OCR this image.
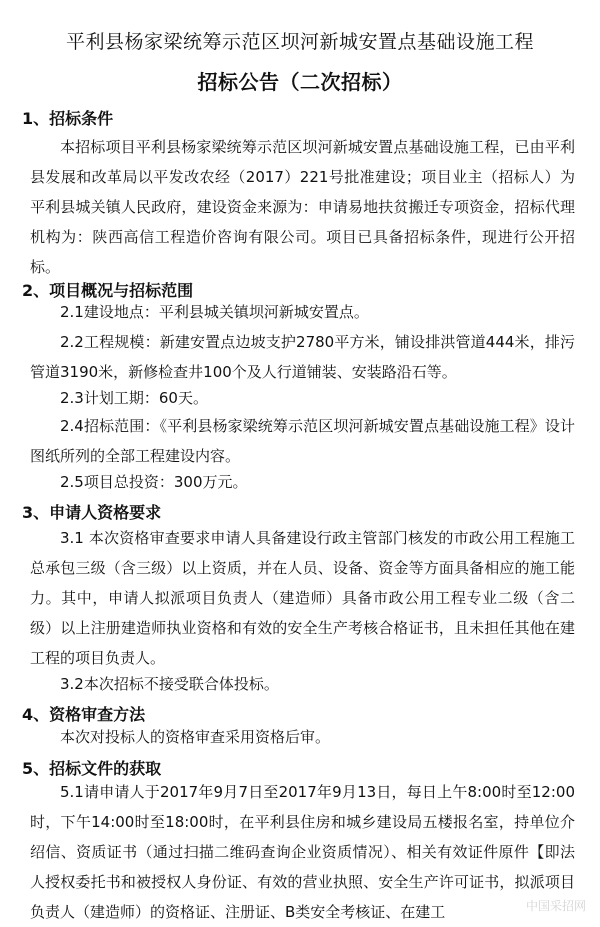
平利县杨家梁统筹示范区坝河新城安置点基础设施工程
招标公告（二次招标）
1、招标条件
本招标项目平利县杨家梁统筹示范区坝河新城安置点基础设施工程，已由平利县发展和改革局以平发改农经（2017）221号批准建设；项目业主（招标人）为平利县城关镇人民政府，建设资金来源为：申请易地扶贫搬迁专项资金，招标代理机构为：陕西高信工程造价咨询有限公司。项目已具备招标条件，现进行公开招标。
2、项目概况与招标范围
2.1建设地点：平利县城关镇坝河新城安置点。
2.2工程规模：新建安置点边坡支护2780平方米，铺设排洪管道444米，排污管道3190米，新修检查井100个及人行道铺装、安装路沿石等。
2.3计划工期：60天。
2.4招标范围：《平利县杨家梁统筹示范区坝河新城安置点基础设施工程》设计图纸所列的全部工程建设内容。
2.5项目总投资：300万元。
3、申请人资格要求
3.1 本次资格审查要求申请人具备建设行政主管部门核发的市政公用工程施工总承包三级（含三级）以上资质，并在人员、设备、资金等方面具备相应的施工能力。其中，申请人拟派项目负责人（建造师）具备市政公用工程专业二级（含二级）以上注册建造师执业资格和有效的安全生产考核合格证书，且未担任其他在建工程的项目负责人。
3.2本次招标不接受联合体投标。
4、资格审查方法
本次对投标人的资格审查采用资格后审。
5、招标文件的获取
5.1请申请人于2017年9月7日至2017年9月13日，每日上午8:00时至12:00时，下午14:00时至18:00时，在平利县住房和城乡建设局五楼报名室，持单位介绍信、资质证书（通过扫描二维码查询企业资质情况）、相关有效证件原件【即法人授权委托书和被授权人身份证、有效的营业执照、安全生产许可证书，拟派项目负责人（建造师）的资格证、注册证、B类安全考核证、在建工	中国采招网
